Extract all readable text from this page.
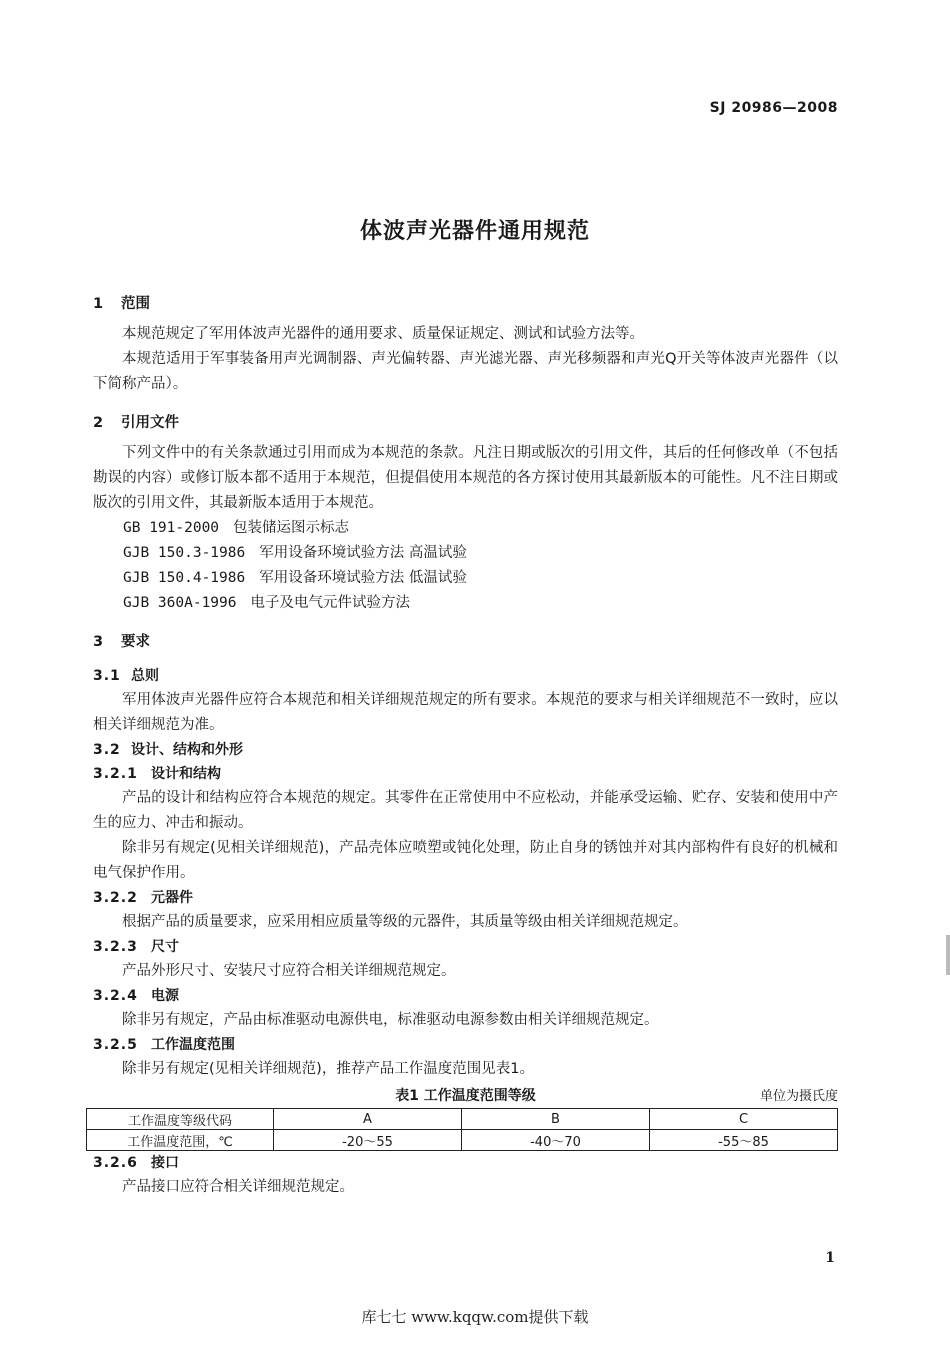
SJ 20986—2008
体波声光器件通用规范
1 范围

本规范规定了军用体波声光器件的通用要求、质量保证规定、测试和试验方法等。

本规范适用于军事装备用声光调制器、声光偏转器、声光滤光器、声光移频器和声光Q开关等体波声光器件（以下简称产品）。

2 引用文件

下列文件中的有关条款通过引用而成为本规范的条款。凡注日期或版次的引用文件，其后的任何修改单（不包括勘误的内容）或修订版本都不适用于本规范，但提倡使用本规范的各方探讨使用其最新版本的可能性。凡不注日期或版次的引用文件，其最新版本适用于本规范。

GB 191-2000 包装储运图示标志

GJB 150.3-1986 军用设备环境试验方法 高温试验

GJB 150.4-1986 军用设备环境试验方法 低温试验

GJB 360A-1996 电子及电气元件试验方法

3 要求
3.1 总则

军用体波声光器件应符合本规范和相关详细规范规定的所有要求。本规范的要求与相关详细规范不一致时，应以相关详细规范为准。

3.2 设计、结构和外形
3.2.1 设计和结构

产品的设计和结构应符合本规范的规定。其零件在正常使用中不应松动，并能承受运输、贮存、安装和使用中产生的应力、冲击和振动。

除非另有规定(见相关详细规范)，产品壳体应喷塑或钝化处理，防止自身的锈蚀并对其内部构件有良好的机械和电气保护作用。

3.2.2 元器件

根据产品的质量要求，应采用相应质量等级的元器件，其质量等级由相关详细规范规定。

3.2.3 尺寸

产品外形尺寸、安装尺寸应符合相关详细规范规定。

3.2.4 电源

除非另有规定，产品由标准驱动电源供电，标准驱动电源参数由相关详细规范规定。

3.2.5 工作温度范围

除非另有规定(见相关详细规范)，推荐产品工作温度范围见表1。

表1 工作温度范围等级	单位为摄氏度
工作温度等级代码	A	B	C
工作温度范围，℃	-20～55	-40～70	-55～85
3.2.6 接口

产品接口应符合相关详细规范规定。

1
库七七 www.kqqw.com提供下载
